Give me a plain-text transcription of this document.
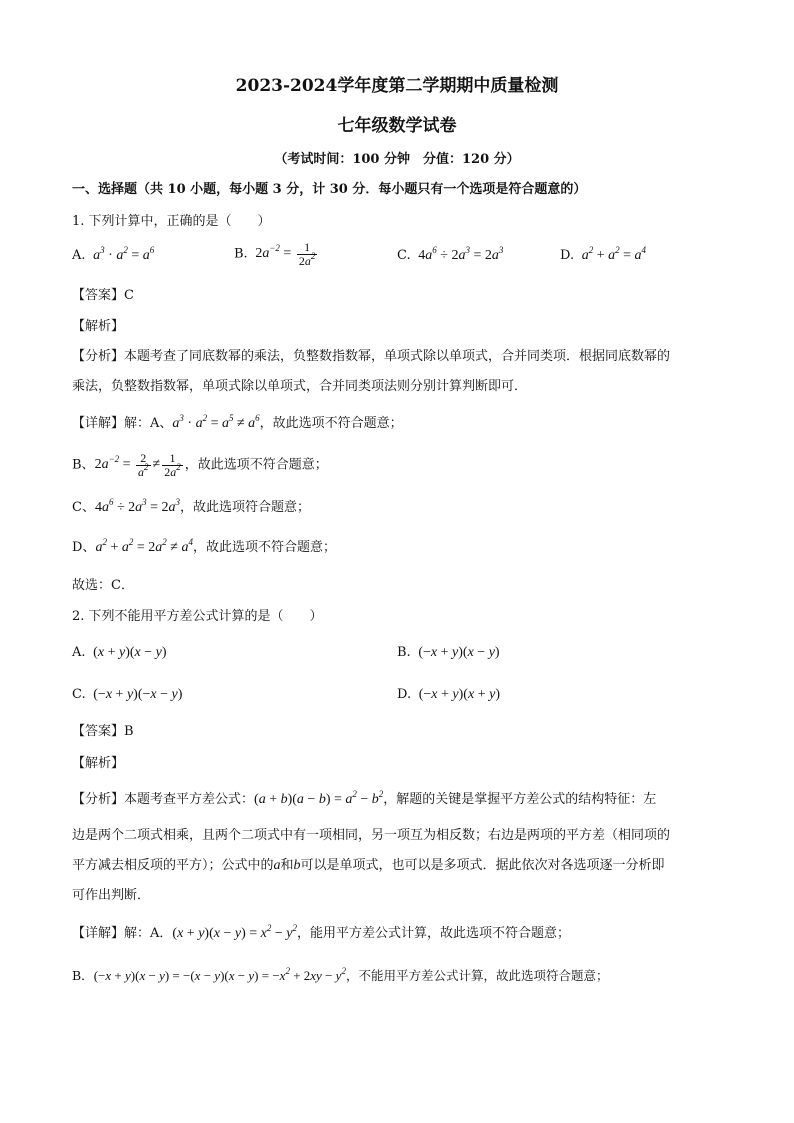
2023-2024学年度第二学期期中质量检测
七年级数学试卷
（考试时间：100 分钟　分值：120 分）
一、选择题（共 10 小题，每小题 3 分，计 30 分．每小题只有一个选项是符合题意的）
1. 下列计算中，正确的是（　　）
A.  $a^3 \cdot a^2 = a^6$	B. $2a^{-2} = \frac{1}{2a^2}$	C. $4a^6 \div 2a^3 = 2a^3$	D.  $a^2 + a^2 = a^4$
【答案】C
【解析】
【分析】本题考查了同底数幂的乘法，负整数指数幂，单项式除以单项式，合并同类项．根据同底数幂的
乘法，负整数指数幂，单项式除以单项式，合并同类项法则分别计算判断即可．
【详解】解：A、$a^3 \cdot a^2 = a^5 \ne a^6$，故此选项不符合题意；
B、$2a^{-2} = \frac{2}{a^2} \ne \frac{1}{2a^2}$ ，故此选项不符合题意；
C、$4a^6 \div 2a^3 = 2a^3$，故此选项符合题意；
D、$a^2 + a^2 = 2a^2 \ne a^4$，故此选项不符合题意；
故选：C．
2. 下列不能用平方差公式计算的是（　　）
A. (x + y)(x − y)	B. (−x + y)(x − y)
C. (−x + y)(−x − y)	D. (−x + y)(x + y)
【答案】B
【解析】
【分析】本题考查平方差公式：$(a + b)(a - b) = a^2 - b^2$，解题的关键是掌握平方差公式的结构特征：左
边是两个二项式相乘，且两个二项式中有一项相同，另一项互为相反数；右边是两项的平方差（相同项的
平方减去相反项的平方）；公式中的a和b可以是单项式，也可以是多项式．据此依次对各选项逐一分析即
可作出判断．
【详解】解：A．$(x + y)(x - y) = x^2 - y^2$，能用平方差公式计算，故此选项不符合题意；
B．$(-x + y)(x - y) = -(x - y)(x - y) = -x^2 + 2xy - y^2$，不能用平方差公式计算，故此选项符合题意；
